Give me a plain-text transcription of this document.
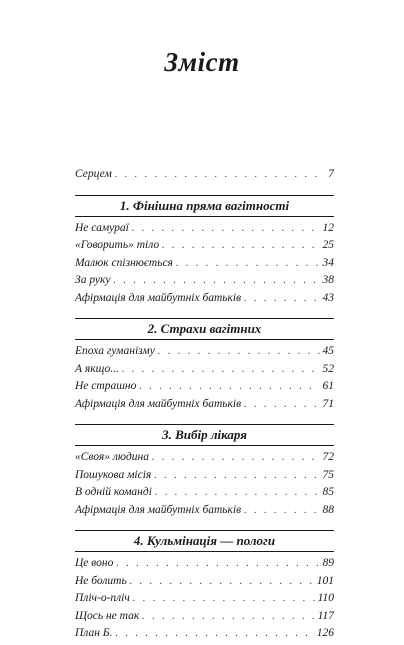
Зміст
Серцем . . .	7
1. Фінішна пряма вагітності
Не самураї . . .	12
«Говорить» тіло . . .	25
Малюк спізнюється . . .	34
За руку . . .	38
Афірмація для майбутніх батьків . . .	43
2. Страхи вагітних
Епоха гуманізму . . .	45
А якщо... . . .	52
Не страшно . . .	61
Афірмація для майбутніх батьків . . .	71
3. Вибір лікаря
«Своя» людина . . .	72
Пошукова місія . . .	75
В одній команді . . .	85
Афірмація для майбутніх батьків . . .	88
4. Кульмінація — пологи
Це воно . . .	89
Не болить . . .	101
Пліч-о-пліч . . .	110
Щось не так . . .	117
План Б. . . .	126
